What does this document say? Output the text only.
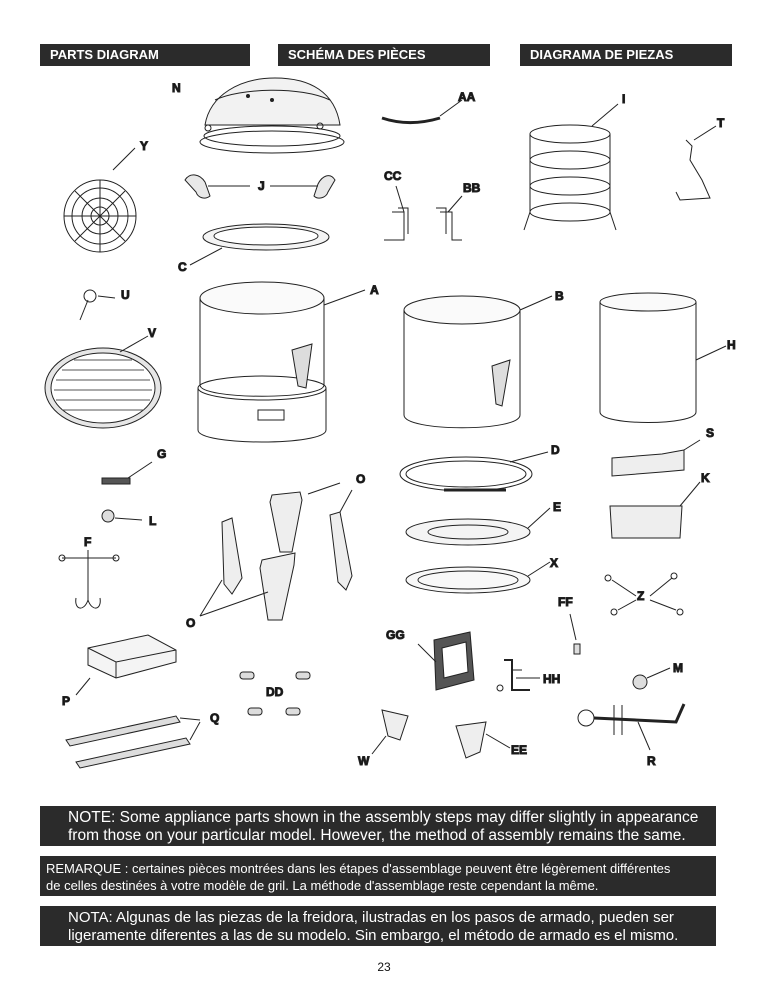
PARTS DIAGRAM	SCHÉMA DES PIÈCES	DIAGRAMA DE PIEZAS
N
AA	I
T
Y
CC
J	BB
C
A	B
U
V
H
S
D
G
O	K
E
L
F
X
Z
FF
O
GG
M
HH
DD
P
Q
EE
W	R
NOTE: Some appliance parts shown in the assembly steps may differ slightly in appearance
from those on your particular model. However, the method of assembly remains the same.
REMARQUE : certaines pièces montrées dans les étapes d'assemblage peuvent être légèrement différentes
de celles destinées à votre modèle de gril. La méthode d'assemblage reste cependant la même.
NOTA: Algunas de las piezas de la freidora, ilustradas en los pasos de armado, pueden ser
ligeramente diferentes a las de su modelo. Sin embargo, el método de armado es el mismo.
23
